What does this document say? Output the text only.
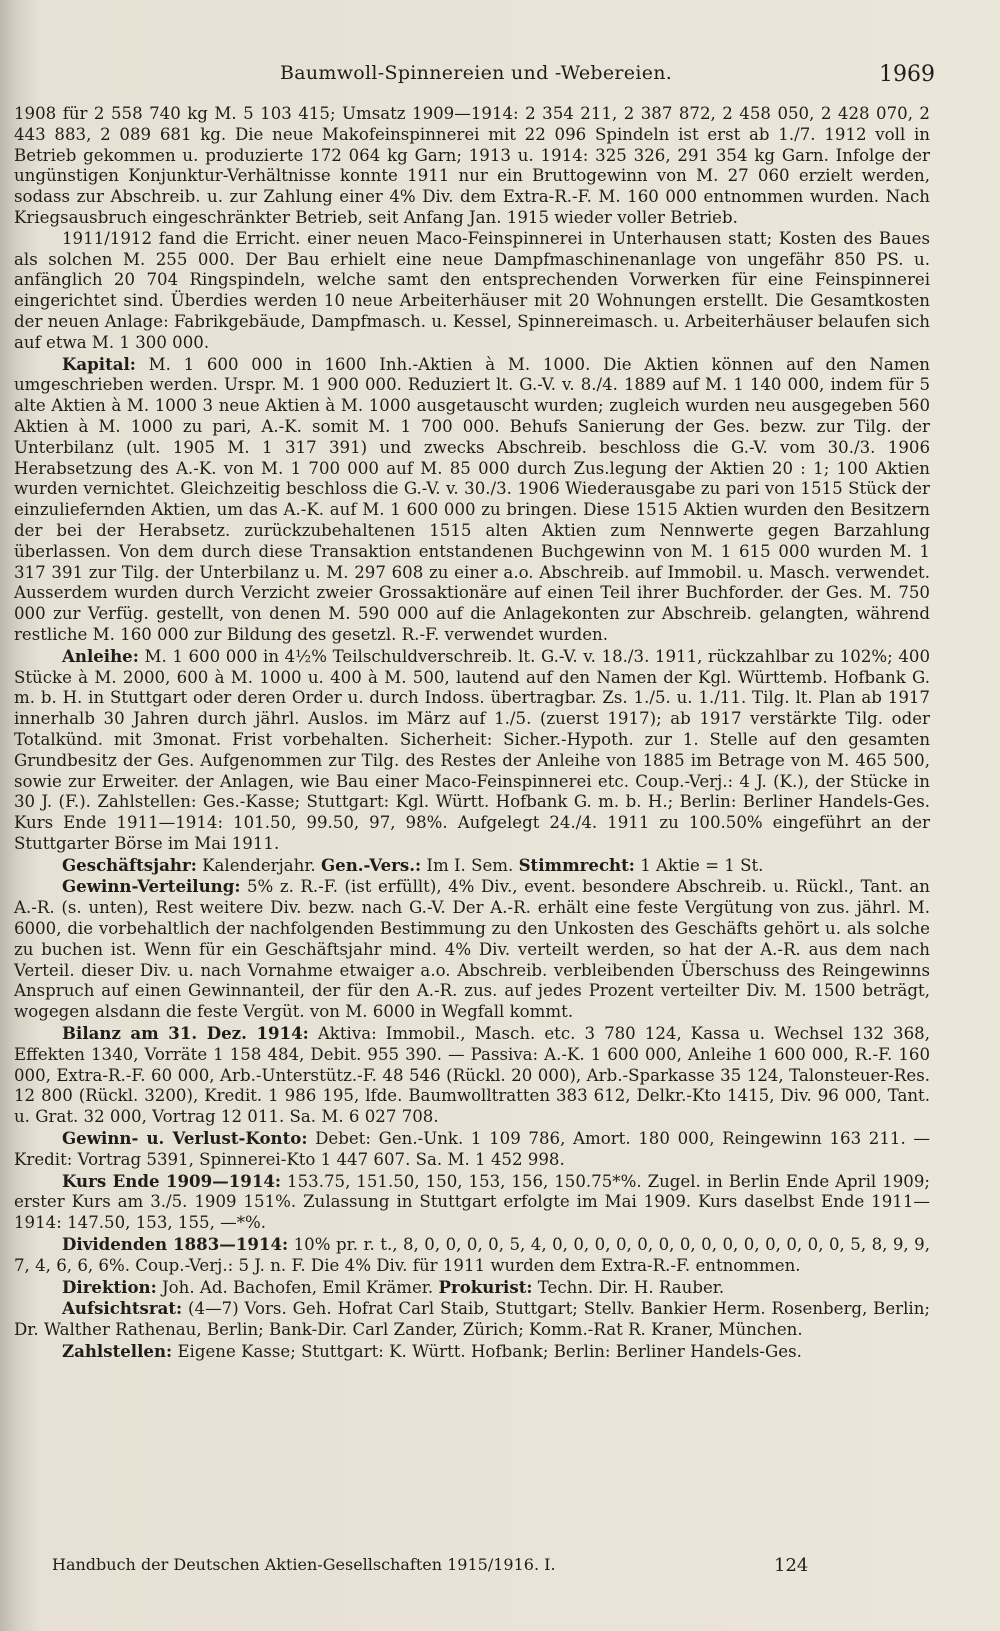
Baumwoll-Spinnereien und -Webereien.	1969

1908 für 2 558 740 kg M. 5 103 415; Umsatz 1909—1914: 2 354 211, 2 387 872, 2 458 050, 2 428 070, 2 443 883, 2 089 681 kg. Die neue Makofeinspinnerei mit 22 096 Spindeln ist erst ab 1./7. 1912 voll in Betrieb gekommen u. produzierte 172 064 kg Garn; 1913 u. 1914: 325 326, 291 354 kg Garn. Infolge der ungünstigen Konjunktur-Verhältnisse konnte 1911 nur ein Bruttogewinn von M. 27 060 erzielt werden, sodass zur Abschreib. u. zur Zahlung einer 4% Div. dem Extra-R.-F. M. 160 000 entnommen wurden. Nach Kriegsausbruch eingeschränkter Betrieb, seit Anfang Jan. 1915 wieder voller Betrieb.

1911/1912 fand die Erricht. einer neuen Maco-Feinspinnerei in Unterhausen statt; Kosten des Baues als solchen M. 255 000. Der Bau erhielt eine neue Dampfmaschinenanlage von ungefähr 850 PS. u. anfänglich 20 704 Ringspindeln, welche samt den entsprechenden Vorwerken für eine Feinspinnerei eingerichtet sind. Überdies werden 10 neue Arbeiterhäuser mit 20 Wohnungen erstellt. Die Gesamtkosten der neuen Anlage: Fabrikgebäude, Dampfmasch. u. Kessel, Spinnereimasch. u. Arbeiterhäuser belaufen sich auf etwa M. 1 300 000.

Kapital: M. 1 600 000 in 1600 Inh.-Aktien à M. 1000. Die Aktien können auf den Namen umgeschrieben werden. Urspr. M. 1 900 000. Reduziert lt. G.-V. v. 8./4. 1889 auf M. 1 140 000, indem für 5 alte Aktien à M. 1000 3 neue Aktien à M. 1000 ausgetauscht wurden; zugleich wurden neu ausgegeben 560 Aktien à M. 1000 zu pari, A.-K. somit M. 1 700 000. Behufs Sanierung der Ges. bezw. zur Tilg. der Unterbilanz (ult. 1905 M. 1 317 391) und zwecks Abschreib. beschloss die G.-V. vom 30./3. 1906 Herabsetzung des A.-K. von M. 1 700 000 auf M. 85 000 durch Zus.legung der Aktien 20 : 1; 100 Aktien wurden vernichtet. Gleichzeitig beschloss die G.-V. v. 30./3. 1906 Wiederausgabe zu pari von 1515 Stück der einzuliefernden Aktien, um das A.-K. auf M. 1 600 000 zu bringen. Diese 1515 Aktien wurden den Besitzern der bei der Herabsetz. zurückzubehaltenen 1515 alten Aktien zum Nennwerte gegen Barzahlung überlassen. Von dem durch diese Transaktion entstandenen Buchgewinn von M. 1 615 000 wurden M. 1 317 391 zur Tilg. der Unterbilanz u. M. 297 608 zu einer a.o. Abschreib. auf Immobil. u. Masch. verwendet. Ausserdem wurden durch Verzicht zweier Grossaktionäre auf einen Teil ihrer Buchforder. der Ges. M. 750 000 zur Verfüg. gestellt, von denen M. 590 000 auf die Anlagekonten zur Abschreib. gelangten, während restliche M. 160 000 zur Bildung des gesetzl. R.-F. verwendet wurden.

Anleihe: M. 1 600 000 in 4½% Teilschuldverschreib. lt. G.-V. v. 18./3. 1911, rückzahlbar zu 102%; 400 Stücke à M. 2000, 600 à M. 1000 u. 400 à M. 500, lautend auf den Namen der Kgl. Württemb. Hofbank G. m. b. H. in Stuttgart oder deren Order u. durch Indoss. übertragbar. Zs. 1./5. u. 1./11. Tilg. lt. Plan ab 1917 innerhalb 30 Jahren durch jährl. Auslos. im März auf 1./5. (zuerst 1917); ab 1917 verstärkte Tilg. oder Totalkünd. mit 3monat. Frist vorbehalten. Sicherheit: Sicher.-Hypoth. zur 1. Stelle auf den gesamten Grundbesitz der Ges. Aufgenommen zur Tilg. des Restes der Anleihe von 1885 im Betrage von M. 465 500, sowie zur Erweiter. der Anlagen, wie Bau einer Maco-Feinspinnerei etc. Coup.-Verj.: 4 J. (K.), der Stücke in 30 J. (F.). Zahlstellen: Ges.-Kasse; Stuttgart: Kgl. Württ. Hofbank G. m. b. H.; Berlin: Berliner Handels-Ges. Kurs Ende 1911—1914: 101.50, 99.50, 97, 98%. Aufgelegt 24./4. 1911 zu 100.50% eingeführt an der Stuttgarter Börse im Mai 1911.

Geschäftsjahr: Kalenderjahr. Gen.-Vers.: Im I. Sem. Stimmrecht: 1 Aktie = 1 St.

Gewinn-Verteilung: 5% z. R.-F. (ist erfüllt), 4% Div., event. besondere Abschreib. u. Rückl., Tant. an A.-R. (s. unten), Rest weitere Div. bezw. nach G.-V. Der A.-R. erhält eine feste Vergütung von zus. jährl. M. 6000, die vorbehaltlich der nachfolgenden Bestimmung zu den Unkosten des Geschäfts gehört u. als solche zu buchen ist. Wenn für ein Geschäftsjahr mind. 4% Div. verteilt werden, so hat der A.-R. aus dem nach Verteil. dieser Div. u. nach Vornahme etwaiger a.o. Abschreib. verbleibenden Überschuss des Reingewinns Anspruch auf einen Gewinnanteil, der für den A.-R. zus. auf jedes Prozent verteilter Div. M. 1500 beträgt, wogegen alsdann die feste Vergüt. von M. 6000 in Wegfall kommt.

Bilanz am 31. Dez. 1914: Aktiva: Immobil., Masch. etc. 3 780 124, Kassa u. Wechsel 132 368, Effekten 1340, Vorräte 1 158 484, Debit. 955 390. — Passiva: A.-K. 1 600 000, Anleihe 1 600 000, R.-F. 160 000, Extra-R.-F. 60 000, Arb.-Unterstütz.-F. 48 546 (Rückl. 20 000), Arb.-Sparkasse 35 124, Talonsteuer-Res. 12 800 (Rückl. 3200), Kredit. 1 986 195, lfde. Baumwolltratten 383 612, Delkr.-Kto 1415, Div. 96 000, Tant. u. Grat. 32 000, Vortrag 12 011. Sa. M. 6 027 708.

Gewinn- u. Verlust-Konto: Debet: Gen.-Unk. 1 109 786, Amort. 180 000, Reingewinn 163 211. — Kredit: Vortrag 5391, Spinnerei-Kto 1 447 607. Sa. M. 1 452 998.

Kurs Ende 1909—1914: 153.75, 151.50, 150, 153, 156, 150.75*%. Zugel. in Berlin Ende April 1909; erster Kurs am 3./5. 1909 151%. Zulassung in Stuttgart erfolgte im Mai 1909. Kurs daselbst Ende 1911—1914: 147.50, 153, 155, —*%.

Dividenden 1883—1914: 10% pr. r. t., 8, 0, 0, 0, 0, 5, 4, 0, 0, 0, 0, 0, 0, 0, 0, 0, 0, 0, 0, 0, 0, 5, 8, 9, 9, 7, 4, 6, 6, 6%. Coup.-Verj.: 5 J. n. F. Die 4% Div. für 1911 wurden dem Extra-R.-F. entnommen.

Direktion: Joh. Ad. Bachofen, Emil Krämer. Prokurist: Techn. Dir. H. Rauber.

Aufsichtsrat: (4—7) Vors. Geh. Hofrat Carl Staib, Stuttgart; Stellv. Bankier Herm. Rosenberg, Berlin; Dr. Walther Rathenau, Berlin; Bank-Dir. Carl Zander, Zürich; Komm.-Rat R. Kraner, München.

Zahlstellen: Eigene Kasse; Stuttgart: K. Württ. Hofbank; Berlin: Berliner Handels-Ges.

Handbuch der Deutschen Aktien-Gesellschaften 1915/1916. I.	124
